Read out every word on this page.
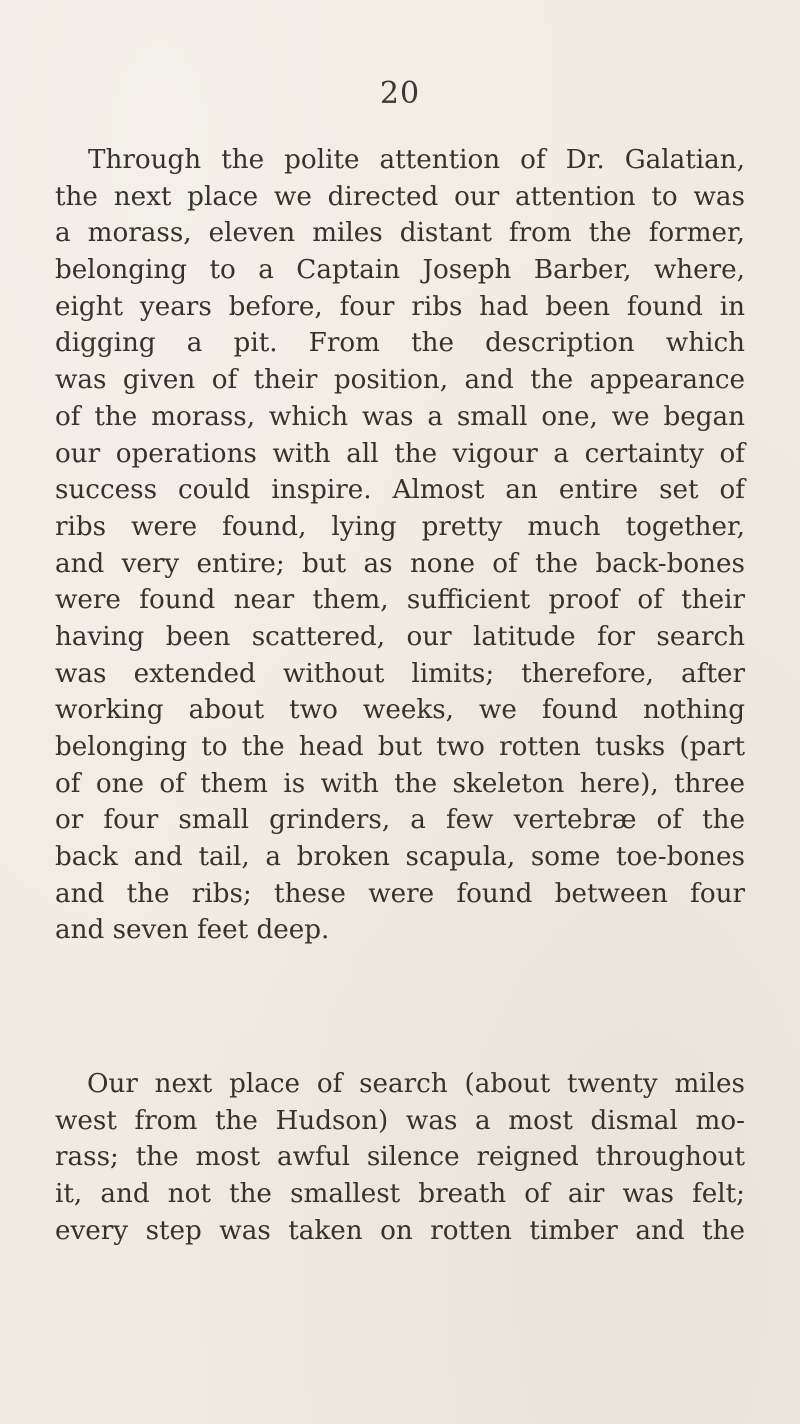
20
Through the polite attention of Dr. Galatian,
the next place we directed our attention to was
a morass, eleven miles distant from the former,
belonging to a Captain Joseph Barber, where,
eight years before, four ribs had been found in
digging a pit. From the description which
was given of their position, and the appearance
of the morass, which was a small one, we began
our operations with all the vigour a certainty of
success could inspire. Almost an entire set of
ribs were found, lying pretty much together,
and very entire; but as none of the back-bones
were found near them, sufficient proof of their
having been scattered, our latitude for search
was extended without limits; therefore, after
working about two weeks, we found nothing
belonging to the head but two rotten tusks (part
of one of them is with the skeleton here), three
or four small grinders, a few vertebræ of the
back and tail, a broken scapula, some toe-bones
and the ribs; these were found between four
and seven feet deep.
Our next place of search (about twenty miles
west from the Hudson) was a most dismal mo-
rass; the most awful silence reigned throughout
it, and not the smallest breath of air was felt;
every step was taken on rotten timber and the
